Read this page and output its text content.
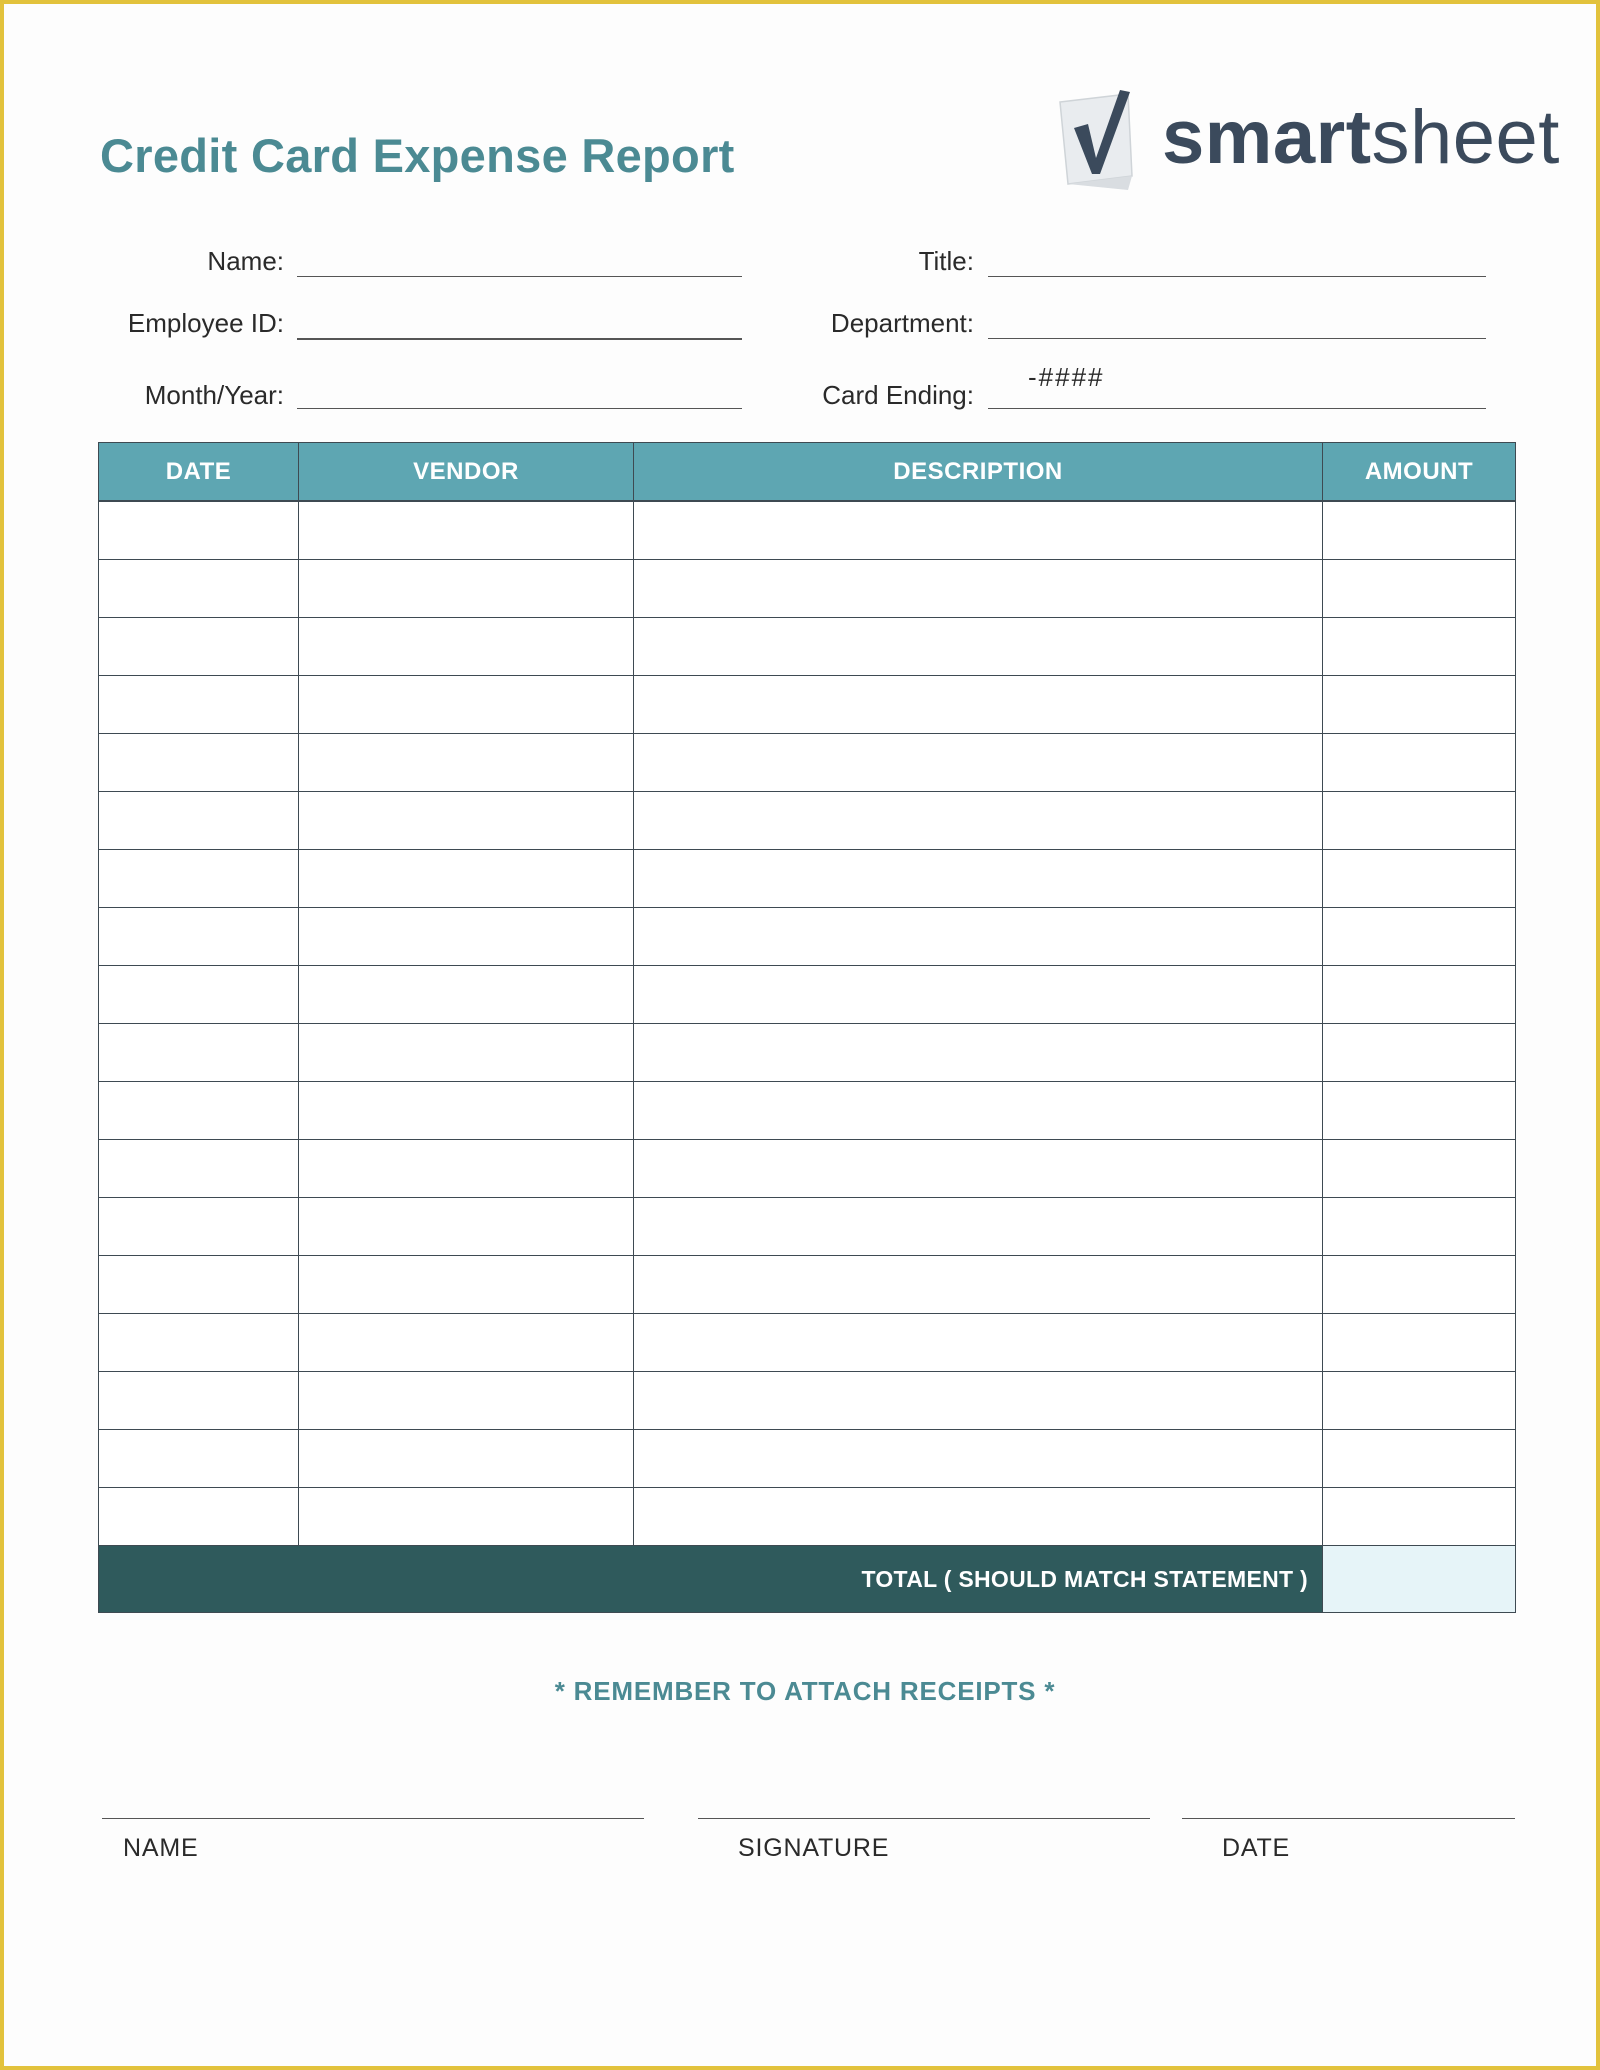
Credit Card Expense Report	smartsheet
Name:	Title:
Employee ID:	Department:
Month/Year:	Card Ending:
-####
DATE	VENDOR	DESCRIPTION	AMOUNT

TOTAL ( SHOULD MATCH STATEMENT )			
* REMEMBER TO ATTACH RECEIPTS *
NAME	SIGNATURE	DATE
